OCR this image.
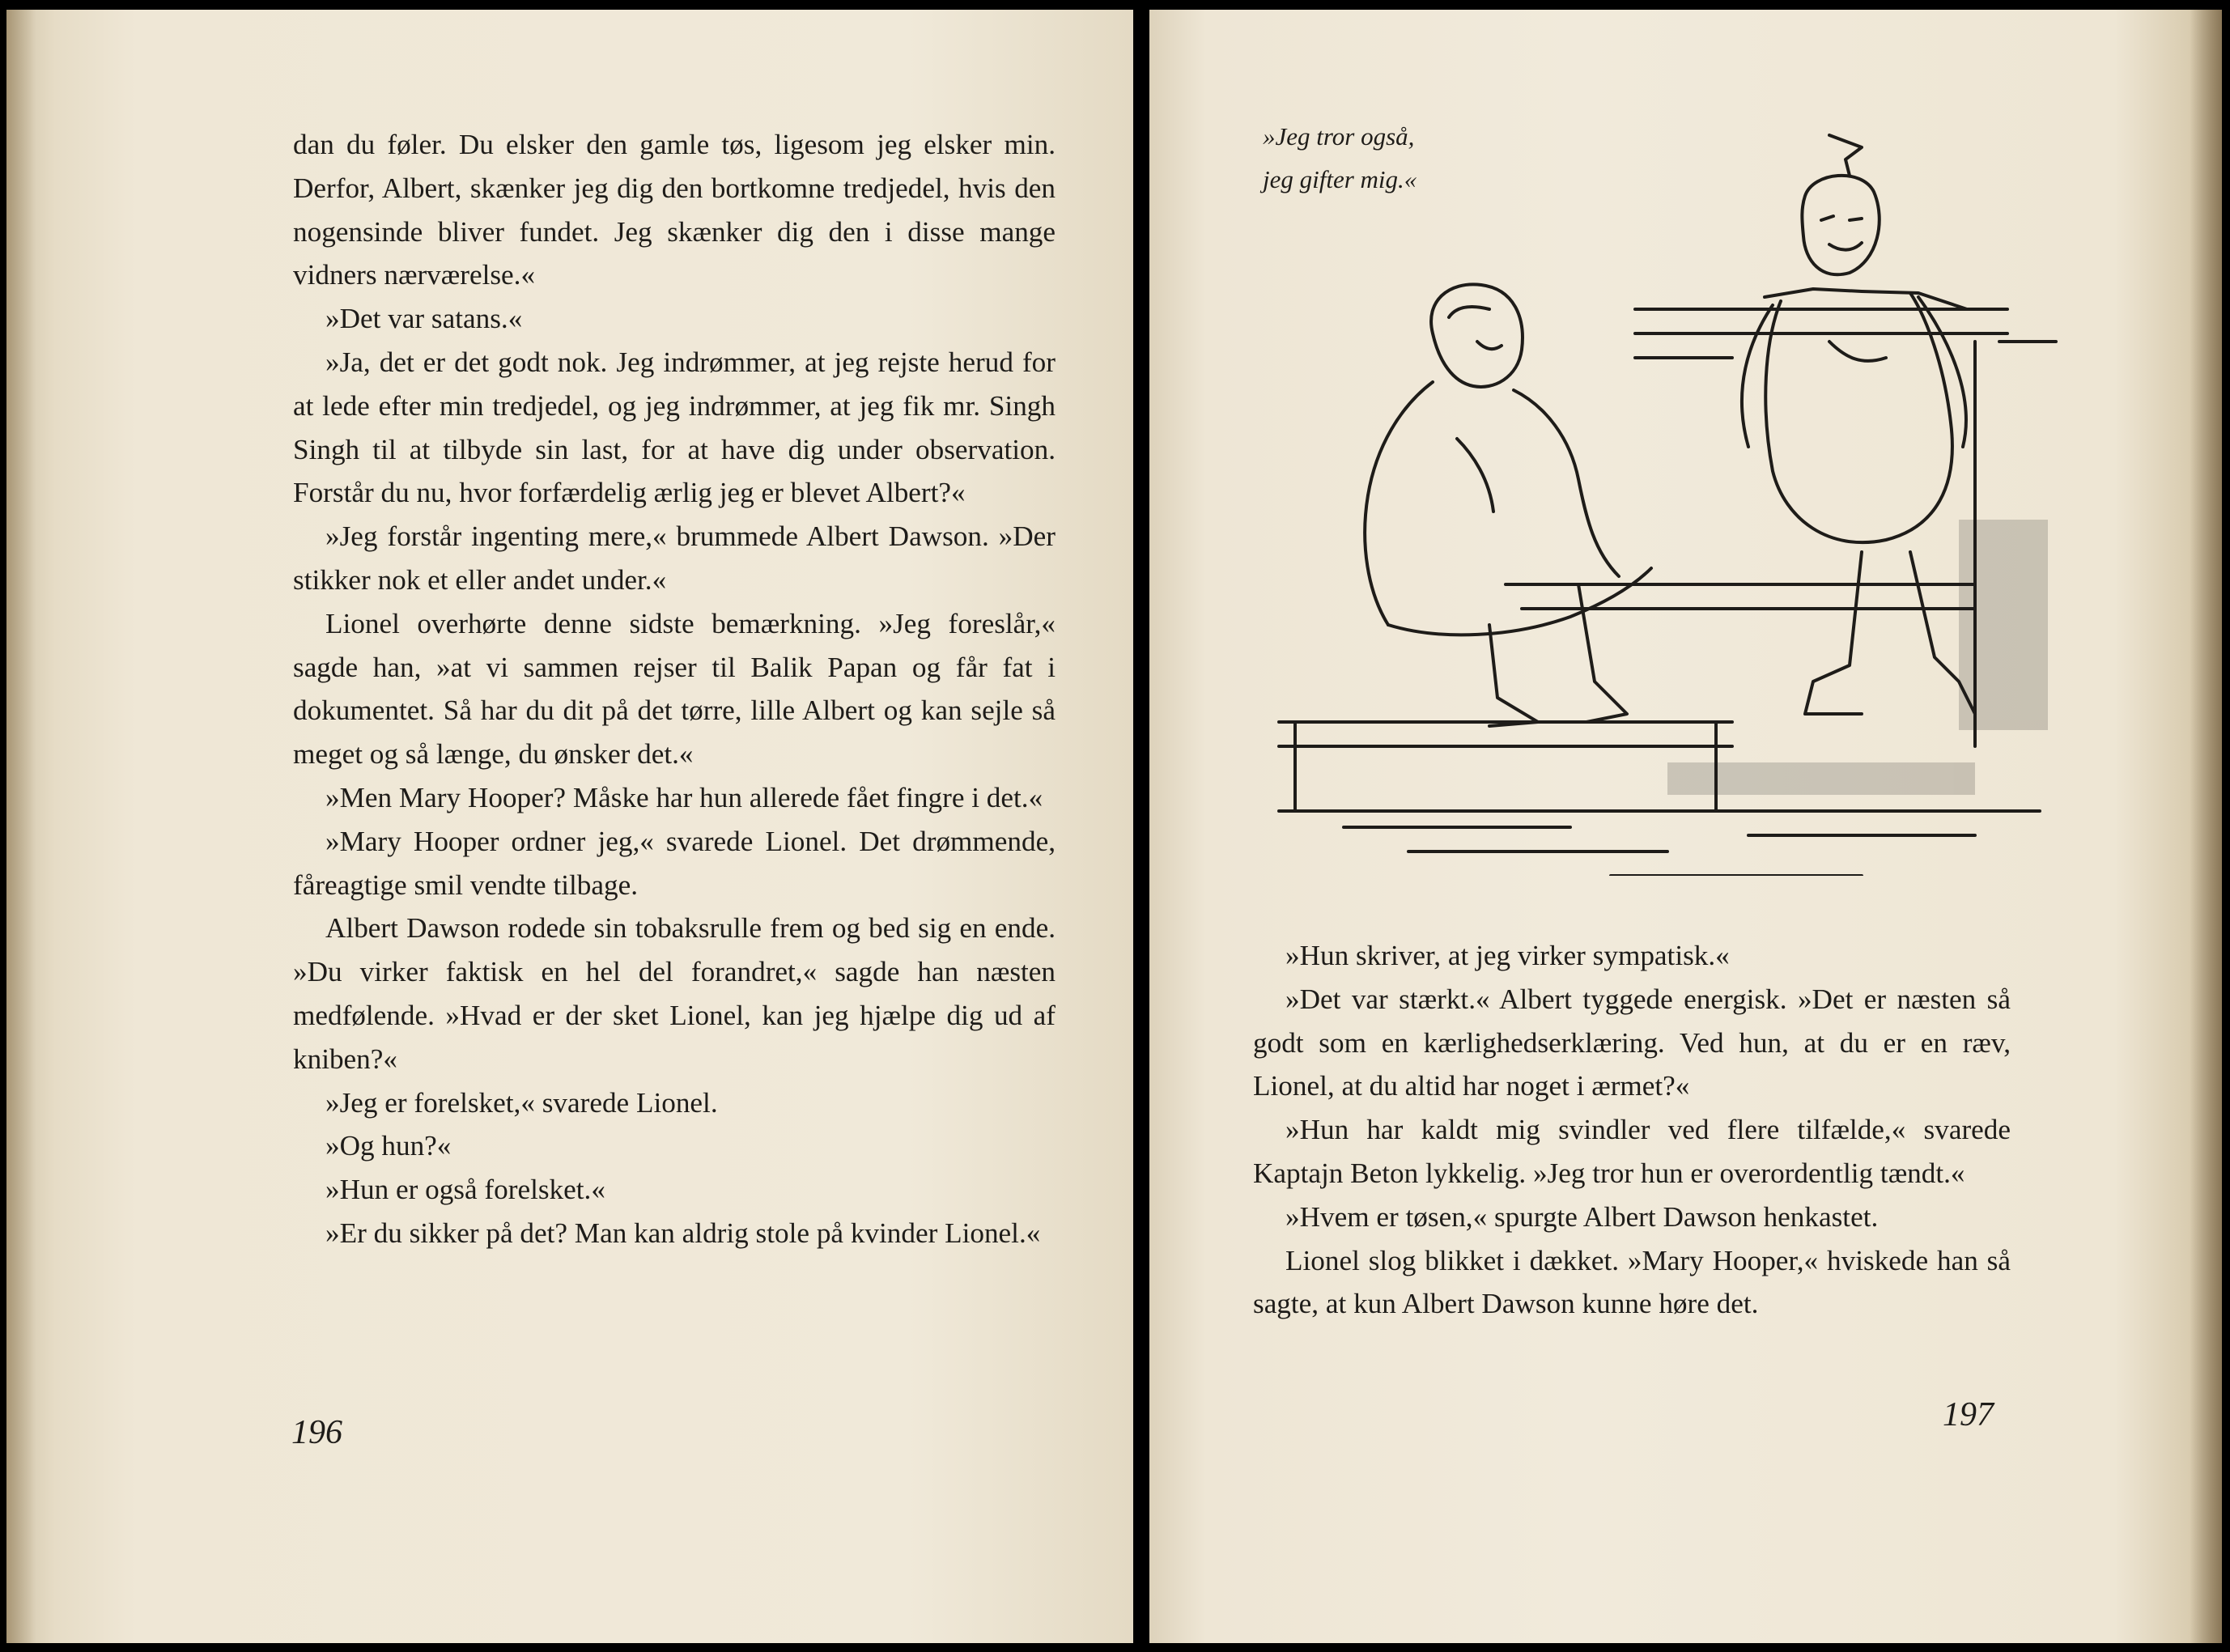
dan du føler. Du elsker den gamle tøs, ligesom jeg elsker min. Derfor, Albert, skænker jeg dig den bortkomne tredjedel, hvis den nogensinde bliver fundet. Jeg skænker dig den i disse mange vidners nærværelse.«

»Det var satans.«

»Ja, det er det godt nok. Jeg indrømmer, at jeg rejste herud for at lede efter min tredjedel, og jeg indrømmer, at jeg fik mr. Singh Singh til at tilbyde sin last, for at have dig under observation. Forstår du nu, hvor forfærdelig ærlig jeg er blevet Albert?«

»Jeg forstår ingenting mere,« brummede Albert Dawson. »Der stikker nok et eller andet under.«

Lionel overhørte denne sidste bemærkning. »Jeg foreslår,« sagde han, »at vi sammen rejser til Balik Papan og får fat i dokumentet. Så har du dit på det tørre, lille Albert og kan sejle så meget og så længe, du ønsker det.«

»Men Mary Hooper? Måske har hun allerede fået fingre i det.«

»Mary Hooper ordner jeg,« svarede Lionel. Det drømmende, fåreagtige smil vendte tilbage.

Albert Dawson rodede sin tobaksrulle frem og bed sig en ende. »Du virker faktisk en hel del forandret,« sagde han næsten medfølende. »Hvad er der sket Lionel, kan jeg hjælpe dig ud af kniben?«

»Jeg er forelsket,« svarede Lionel.

»Og hun?«

»Hun er også forelsket.«

»Er du sikker på det? Man kan aldrig stole på kvinder Lionel.«

196
»Jeg tror også,
jeg gifter mig.«

»Hun skriver, at jeg virker sympatisk.«

»Det var stærkt.« Albert tyggede energisk. »Det er næsten så godt som en kærlighedserklæring. Ved hun, at du er en ræv, Lionel, at du altid har noget i ærmet?«

»Hun har kaldt mig svindler ved flere tilfælde,« svarede Kaptajn Beton lykkelig. »Jeg tror hun er overordentlig tændt.«

»Hvem er tøsen,« spurgte Albert Dawson henkastet.

Lionel slog blikket i dækket. »Mary Hooper,« hviskede han så sagte, at kun Albert Dawson kunne høre det.

197
